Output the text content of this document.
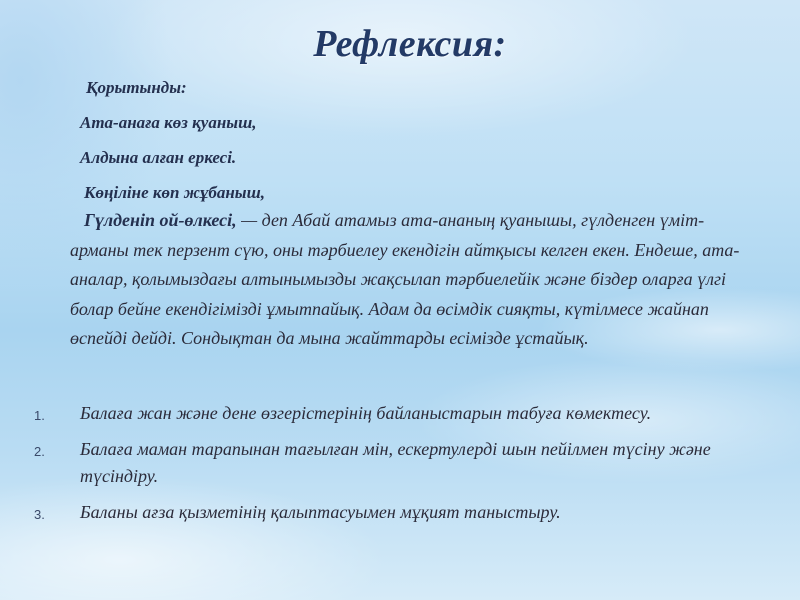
Рефлексия:
Қорытынды:
Ата-анаға көз қуаныш,
Алдына алған еркесі.
Көңіліне көп жұбаныш,

Гүлденіп ой-өлкесі, — деп Абай атамыз ата-ананың қуанышы, гүлденген үміт-арманы тек перзент сүю, оны тәрбиелеу екендігін айтқысы келген екен. Ендеше, ата-аналар, қолымыздағы алтынымызды жақсылап тәрбиелейік және біздер оларға үлгі болар бейне екендігімізді ұмытпайық. Адам да өсімдік сияқты, күтілмесе жайнап өспейді дейді. Сондықтан да мына жайттарды есімізде ұстайық.

1. Балаға жан және дене өзгерістерінің байланыстарын табуға көмектесу.
2. Балаға маман тарапынан тағылған мін, ескертулерді шын пейілмен түсіну және түсіндіру.
3. Баланы ағза қызметінің қалыптасуымен мұқият таныстыру.
